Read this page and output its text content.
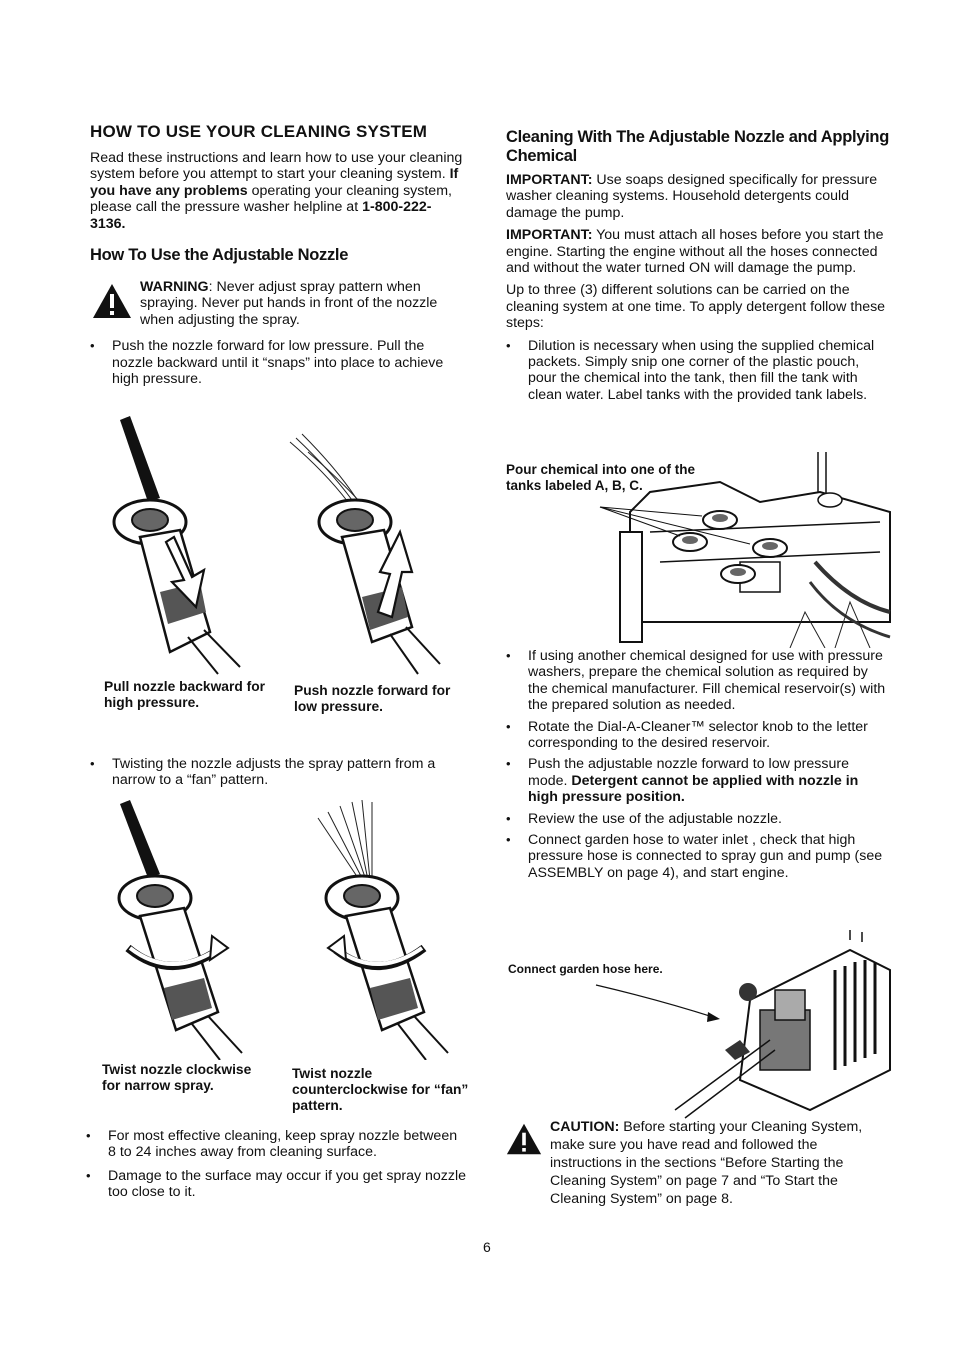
HOW TO USE YOUR CLEANING SYSTEM

Read these instructions and learn how to use your cleaning system before you attempt to start your cleaning system. If you have any problems operating your cleaning system, please call the pressure washer helpline at 1-800-222-3136.

How To Use the Adjustable Nozzle

WARNING: Never adjust spray pattern when spraying. Never put hands in front of the nozzle when adjusting the spray.

• Push the nozzle forward for low pressure. Pull the nozzle backward until it “snaps” into place to achieve high pressure.
Pull nozzle backward for high pressure.
Push nozzle forward for low pressure.
• Twisting the nozzle adjusts the spray pattern from a narrow to a “fan” pattern.
Twist nozzle clockwise for narrow spray.
Twist nozzle counterclockwise for “fan” pattern.
• For most effective cleaning, keep spray nozzle between 8 to 24 inches away from cleaning surface.
• Damage to the surface may occur if you get spray nozzle too close to it.
Cleaning With The Adjustable Nozzle and Applying Chemical

IMPORTANT: Use soaps designed specifically for pressure washer cleaning systems. Household detergents could damage the pump.

IMPORTANT: You must attach all hoses before you start the engine. Starting the engine without all the hoses connected and without the water turned ON will damage the pump.

Up to three (3) different solutions can be carried on the cleaning system at one time. To apply detergent follow these steps:

• Dilution is necessary when using the supplied chemical packets. Simply snip one corner of the plastic pouch, pour the chemical into the tank, then fill the tank with clean water. Label tanks with the provided tank labels.
Pour chemical into one of the tanks labeled A, B, C.
• If using another chemical designed for use with pressure washers, prepare the chemical solution as required by the chemical manufacturer. Fill chemical reservoir(s) with the prepared solution as needed.
• Rotate the Dial-A-Cleaner™ selector knob to the letter corresponding to the desired reservoir.
• Push the adjustable nozzle forward to low pressure mode. Detergent cannot be applied with nozzle in high pressure position.
• Review the use of the adjustable nozzle.
• Connect garden hose to water inlet , check that high pressure hose is connected to spray gun and pump (see ASSEMBLY on page 4), and start engine.
Connect garden hose here.

CAUTION: Before starting your Cleaning System, make sure you have read and followed the instructions in the sections “Before Starting the Cleaning System” on page 7 and “To Start the Cleaning System” on page 8.

6
